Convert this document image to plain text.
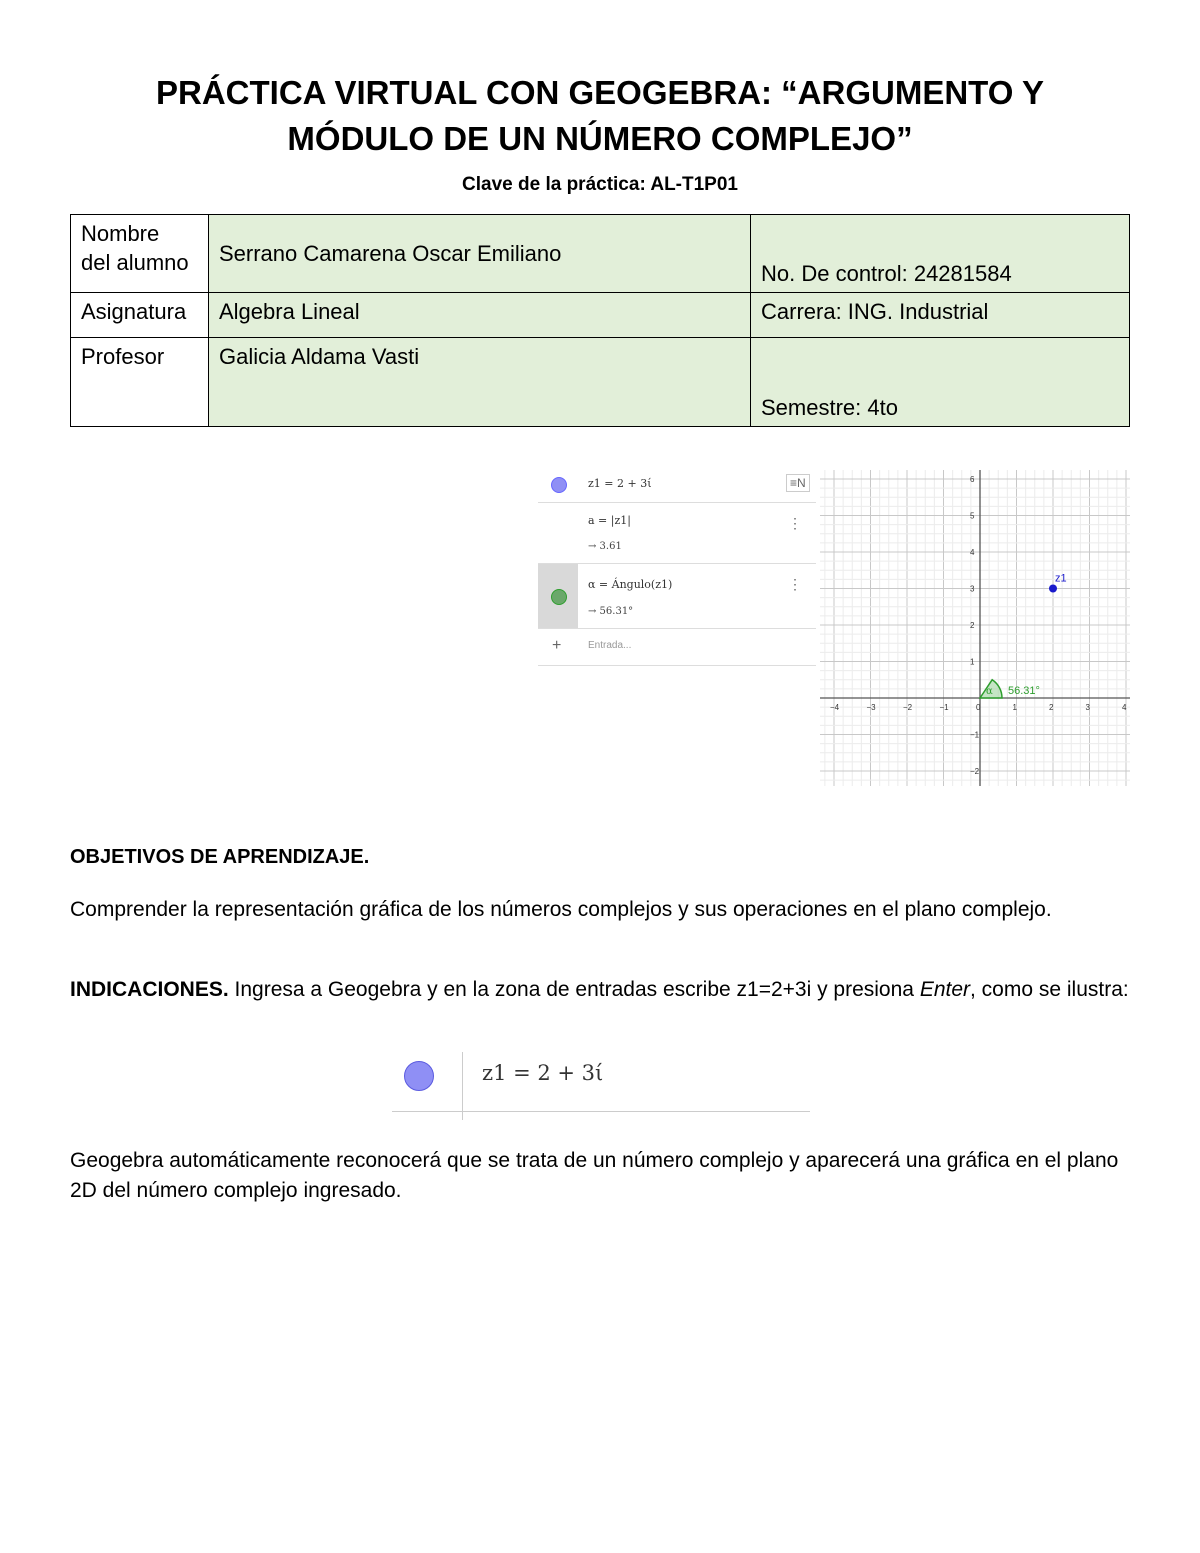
PRÁCTICA VIRTUAL CON GEOGEBRA: “ARGUMENTO Y
MÓDULO DE UN NÚMERO COMPLEJO”

Clave de la práctica: AL-T1P01

Nombre
del alumno	Serrano Camarena Oscar Emiliano	No. De control: 24281584
Asignatura	Algebra Lineal	Carrera: ING. Industrial
Profesor	Galicia Aldama Vasti	Semestre: 4to
z1 = 2 + 3ί	≡N
a = |z1|
→ 3.61
⋮
α = Ángulo(z1)
→ 56.31°
⋮
+	Entrada...
−4	−3	−2	−1	0	1	2	3	4
6
5
4
3
2
1
−1
−2
α 56.31°
z1

OBJETIVOS DE APRENDIZAJE.

Comprender la representación gráfica de los números complejos y sus operaciones en el plano complejo.

INDICACIONES. Ingresa a Geogebra y en la zona de entradas escribe z1=2+3i y presiona Enter, como se ilustra:

z1 = 2 + 3ί

Geogebra automáticamente reconocerá que se trata de un número complejo y aparecerá una gráfica en el plano 2D del número complejo ingresado.
